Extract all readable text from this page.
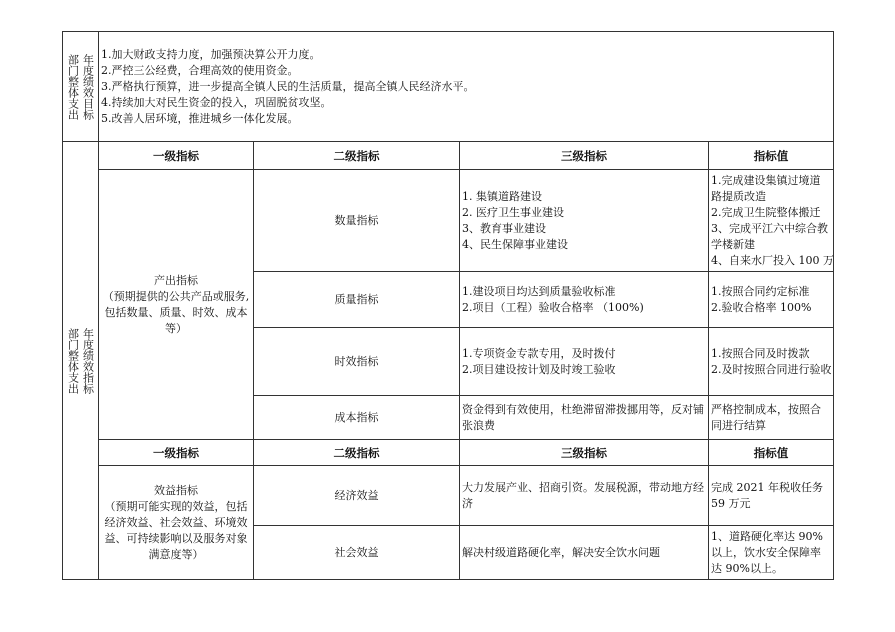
部门整体支出 年度绩效目标	1.加大财政支持力度，加强预决算公开力度。
2.严控三公经费，合理高效的使用资金。
3.严格执行预算，进一步提高全镇人民的生活质量，提高全镇人民经济水平。
4.持续加大对民生资金的投入，巩固脱贫攻坚。
5.改善人居环境，推进城乡一体化发展。
部门整体支出 年度绩效指标	一级指标	二级指标	三级指标	指标值

	产出指标
（预期提供的公共产品或服务,包括数量、质量、时效、成本等）	数量指标	1. 集镇道路建设
2. 医疗卫生事业建设
3、教育事业建设
4、民生保障事业建设	1.完成建设集镇过境道路提质改造
2.完成卫生院整体搬迁
3、完成平江六中综合教学楼新建
4、自来水厂投入 100 万

		质量指标	1.建设项目均达到质量验收标准
2.项目（工程）验收合格率 （100%)	1.按照合同约定标准
2.验收合格率 100%

		时效指标	1.专项资金专款专用，及时拨付
2.项目建设按计划及时竣工验收	1.按照合同及时拨款
2.及时按照合同进行验收

		成本指标	资金得到有效使用，杜绝滞留滞拨挪用等，反对铺张浪费	严格控制成本，按照合同进行结算
	一级指标	二级指标	三级指标	指标值

	效益指标
（预期可能实现的效益，包括经济效益、社会效益、环境效益、可持续影响以及服务对象满意度等）	经济效益	大力发展产业、招商引资。发展税源，带动地方经济	完成 2021 年税收任务 59 万元
		社会效益	解决村级道路硬化率，解决安全饮水问题	1、道路硬化率达 90%以上，饮水安全保障率达 90%以上。
